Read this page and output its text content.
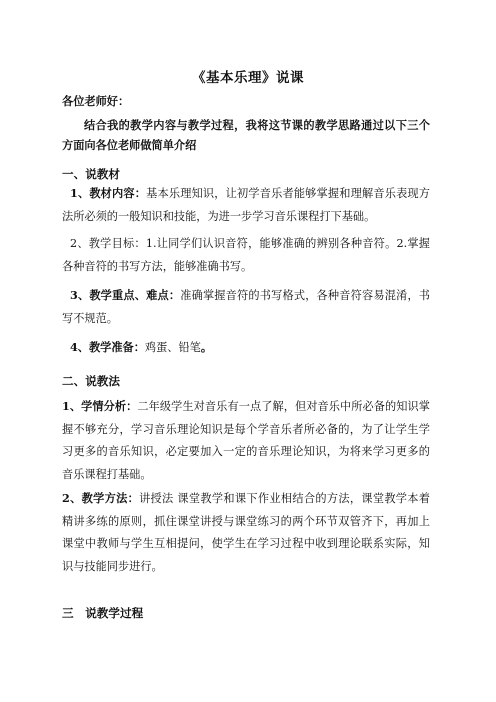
《基本乐理》说课
各位老师好：
结合我的教学内容与教学过程，我将这节课的教学思路通过以下三个方面向各位老师做简单介绍
一、说教材
1、教材内容：基本乐理知识，让初学音乐者能够掌握和理解音乐表现方法所必须的一般知识和技能，为进一步学习音乐课程打下基础。
2、教学目标：1.让同学们认识音符，能够准确的辨别各种音符。2.掌握各种音符的书写方法，能够准确书写。
3、教学重点、难点：准确掌握音符的书写格式，各种音符容易混淆，书写不规范。
4、教学准备：鸡蛋、铅笔。
二、说教法
1、学情分析：二年级学生对音乐有一点了解，但对音乐中所必备的知识掌握不够充分，学习音乐理论知识是每个学音乐者所必备的，为了让学生学习更多的音乐知识，必定要加入一定的音乐理论知识，为将来学习更多的音乐课程打基础。
2、教学方法：讲授法 课堂教学和课下作业相结合的方法，课堂教学本着精讲多练的原则，抓住课堂讲授与课堂练习的两个环节双管齐下，再加上课堂中教师与学生互相提问，使学生在学习过程中收到理论联系实际，知识与技能同步进行。
三　说教学过程
